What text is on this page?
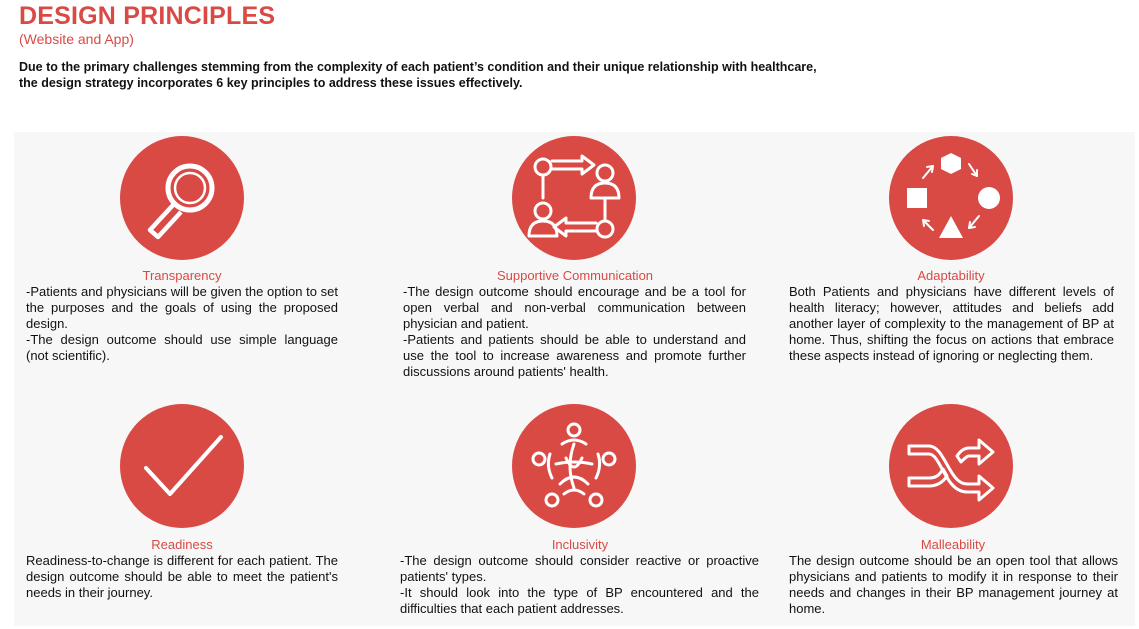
DESIGN PRINCIPLES
(Website and App)
Due to the primary challenges stemming from the complexity of each patient’s condition and their unique relationship with healthcare,
the design strategy incorporates 6 key principles to address these issues effectively.
Transparency
-Patients and physicians will be given the option to set the purposes and the goals of using the proposed design.
-The design outcome should use simple language (not scientific).
Supportive Communication
-The design outcome should encourage and be a tool for open verbal and non-verbal communication between physician and patient.
-Patients and patients should be able to understand and use the tool to increase awareness and promote further discussions around patients' health.
Adaptability
Both Patients and physicians have different levels of health literacy; however, attitudes and beliefs add another layer of complexity to the management of BP at home. Thus, shifting the focus on actions that embrace these aspects instead of ignoring or neglecting them.
Readiness
Readiness-to-change is different for each patient. The design outcome should be able to meet the patient's needs in their journey.
Inclusivity
-The design outcome should consider reactive or proactive patients' types.
-It should look into the type of BP encountered and the difficulties that each patient addresses.
Malleability
The design outcome should be an open tool that allows physicians and patients to modify it in response to their needs and changes in their BP management journey at home.
